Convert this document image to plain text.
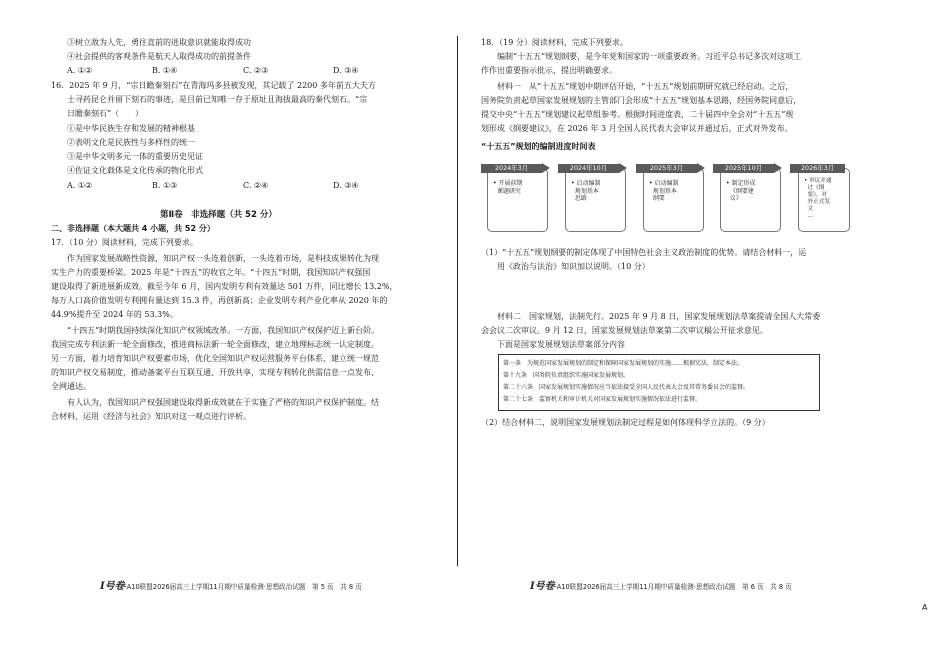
③树立敌为人先，勇往直前的进取意识就能取得成功
④社会提供的客观条件是航天人取得成功的前提条件
A. ①②	B. ①④	C. ②③	D. ③④
16．2025 年 9 月，“宗日瞻秦刻石”在青海玛多县被发现，其记载了 2200 多年前五大夫方
士寻药昆仑并留下刻石的事迹，是目前已知唯一存于原址且海拔最高的秦代刻石。“宗
日瞻秦刻石”（　　）
①是中华民族生存和发展的精神根基
②表明文化是民族性与多样性的统一
③是中华文明多元一体的重要历史见证
④佐证文化载体是文化传承的物化形式
A. ①②	B. ①③	C. ②④	D. ③④
第Ⅱ卷　非选择题（共 52 分）
二、非选择题（本大题共 4 小题，共 52 分）
17．（10 分）阅读材料，完成下列要求。
　　作为国家发展战略性资源，知识产权一头连着创新，一头连着市场，是科技成果转化为现
实生产力的重要桥梁。2025 年是“十四五”的收官之年。“十四五”时期，我国知识产权强国
建设取得了新进展新成效。截至今年 6 月，国内发明专利有效量达 501 万件，同比增长 13.2%，
每万人口高价值发明专利拥有量达到 15.3 件，再创新高；企业发明专利产业化率从 2020 年的
44.9%提升至 2024 年的 53.3%。
　　“十四五”时期我国持续深化知识产权领域改革。一方面，我国知识产权保护迈上新台阶。
我国完成专利法新一轮全面修改，推进商标法新一轮全面修改，建立地理标志统一认定制度。
另一方面，着力培育知识产权要素市场，优化全国知识产权运营服务平台体系，建立统一规范
的知识产权交易制度，推动备案平台互联互通、开放共享，实现专利转化供需信息一点发布、
全网通达。
　　有人认为，我国知识产权强国建设取得新成效就在于实施了严格的知识产权保护制度。结
合材料，运用《经济与社会》知识对这一观点进行评析。
I号卷·A10联盟2026届高三上学期11月期中质量检测·思想政治试题　第 5 页　共 8 页
18．（19 分）阅读材料，完成下列要求。
　　编制“十五五”规划纲要，是今年党和国家的一项重要政务。习近平总书记多次对这项工
作作出重要指示批示，提出明确要求。
　　材料一　从“十五五”规划中期评估开始，“十五五”规划前期研究就已经启动。之后，
国务院负责起草国家发展规划的主管部门会形成“十五五”规划基本思路，经国务院同意后，
提交中央“十五五”规划建议起草组参考。根据时间进度表，二十届四中全会对“十五五”规
划形成《纲要建议》，在 2026 年 3 月全国人民代表大会审议并通过后，正式对外发布。
“十五五”规划的编制进度时间表
2024年3月
• 开展前期
课题研究
2024年10月
• 启动编制
规划基本
思路
2025年3月
• 启动编制
规划基本
纲要
2025年10月
• 制定形成
《纲要建
议》
2026年3月
• 审议并通
过《纲
要》，对
外正式发
文
...
（1）“十五五”规划纲要的制定体现了中国特色社会主义政治制度的优势。请结合材料一，运
用《政治与法治》知识加以说明。（10 分）
　　材料二　国家规划，法制先行。2025 年 9 月 8 日，国家发展规划法草案提请全国人大常委
会会议二次审议。9 月 12 日，国家发展规划法草案第二次审议稿公开征求意见。
　　下面是国家发展规划法草案部分内容
第一条　为规范国家发展规划的制定和保障国家发展规划的实施……根据宪法，制定本法。
第十九条　国务院负责组织实施国家发展规划。
第二十六条　国家发展规划实施情况应当依法接受全国人民代表大会及其常务委员会的监督。
第二十七条　监察机关和审计机关对国家发展规划实施情况依法进行监督。
（2）结合材料二，说明国家发展规划法制定过程是如何体现科学立法的。（9 分）
I号卷·A10联盟2026届高三上学期11月期中质量检测·思想政治试题　第 6 页　共 8 页
A
